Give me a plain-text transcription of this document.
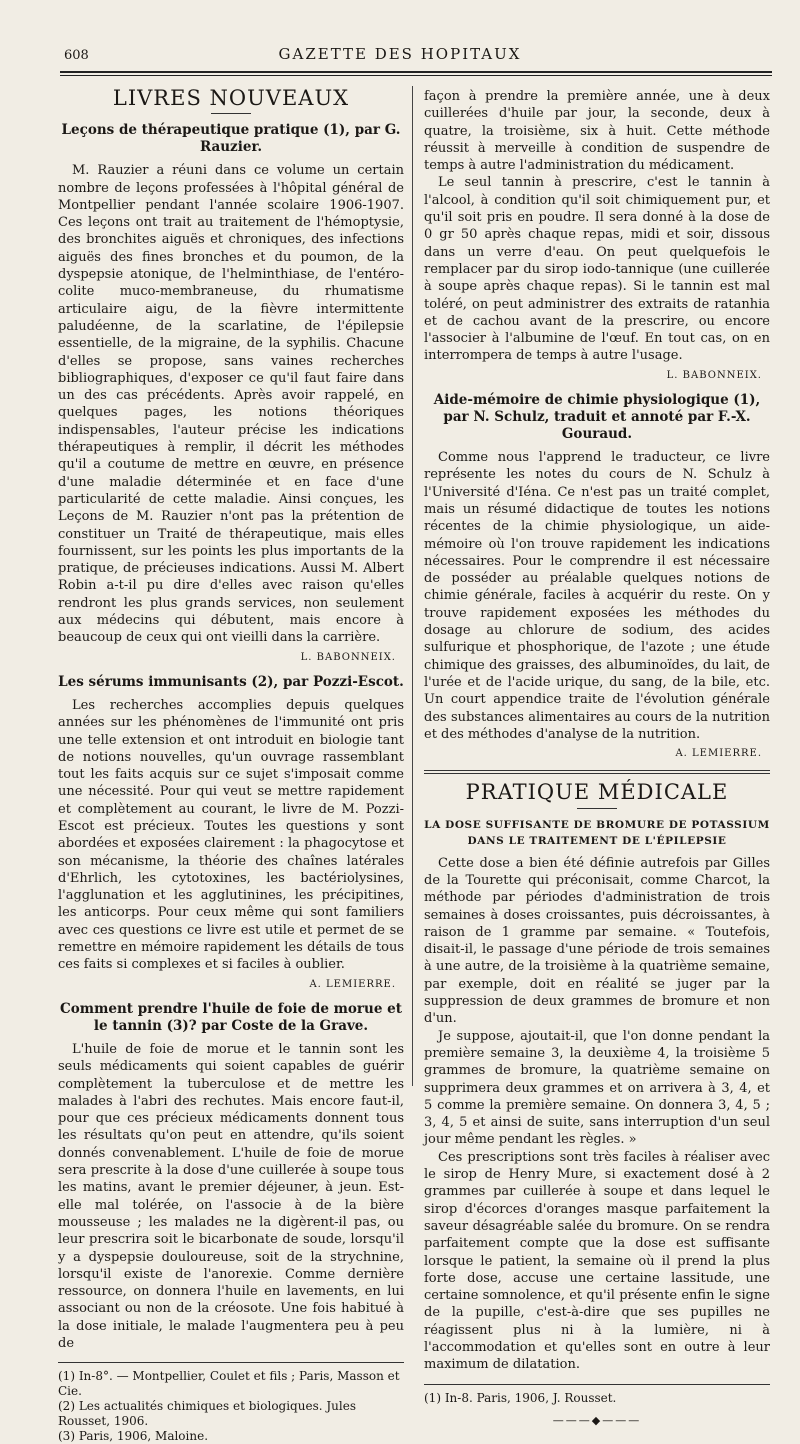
608	GAZETTE DES HOPITAUX
LIVRES NOUVEAUX
Leçons de thérapeutique pratique (1), par G. Rauzier.

M. Rauzier a réuni dans ce volume un certain nombre de leçons professées à l'hôpital général de Montpellier pendant l'année scolaire 1906-1907. Ces leçons ont trait au traitement de l'hémoptysie, des bronchites aiguës et chroniques, des infections aiguës des fines bronches et du poumon, de la dyspepsie atonique, de l'helminthiase, de l'entéro-colite muco-membraneuse, du rhumatisme articulaire aigu, de la fièvre intermittente paludéenne, de la scarlatine, de l'épilepsie essentielle, de la migraine, de la syphilis. Chacune d'elles se propose, sans vaines recherches bibliographiques, d'exposer ce qu'il faut faire dans un des cas précédents. Après avoir rappelé, en quelques pages, les notions théoriques indispensables, l'auteur précise les indications thérapeutiques à remplir, il décrit les méthodes qu'il a coutume de mettre en œuvre, en présence d'une maladie déterminée et en face d'une particularité de cette maladie. Ainsi conçues, les Leçons de M. Rauzier n'ont pas la prétention de constituer un Traité de thérapeutique, mais elles fournissent, sur les points les plus importants de la pratique, de précieuses indications. Aussi M. Albert Robin a-t-il pu dire d'elles avec raison qu'elles rendront les plus grands services, non seulement aux médecins qui débutent, mais encore à beaucoup de ceux qui ont vieilli dans la carrière.

L. BABONNEIX.
Les sérums immunisants (2), par Pozzi-Escot.

Les recherches accomplies depuis quelques années sur les phénomènes de l'immunité ont pris une telle extension et ont introduit en biologie tant de notions nouvelles, qu'un ouvrage rassemblant tout les faits acquis sur ce sujet s'imposait comme une nécessité. Pour qui veut se mettre rapidement et complètement au courant, le livre de M. Pozzi-Escot est précieux. Toutes les questions y sont abordées et exposées clairement : la phagocytose et son mécanisme, la théorie des chaînes latérales d'Ehrlich, les cytotoxines, les bactériolysines, l'agglunation et les agglutinines, les précipitines, les anticorps. Pour ceux même qui sont familiers avec ces questions ce livre est utile et permet de se remettre en mémoire rapidement les détails de tous ces faits si complexes et si faciles à oublier.

A. LEMIERRE.
Comment prendre l'huile de foie de morue et le tannin (3)? par Coste de la Grave.

L'huile de foie de morue et le tannin sont les seuls médicaments qui soient capables de guérir complètement la tuberculose et de mettre les malades à l'abri des rechutes. Mais encore faut-il, pour que ces précieux médicaments donnent tous les résultats qu'on peut en attendre, qu'ils soient donnés convenablement. L'huile de foie de morue sera prescrite à la dose d'une cuillerée à soupe tous les matins, avant le premier déjeuner, à jeun. Est-elle mal tolérée, on l'associe à de la bière mousseuse ; les malades ne la digèrent-il pas, ou leur prescrira soit le bicarbonate de soude, lorsqu'il y a dyspepsie douloureuse, soit de la strychnine, lorsqu'il existe de l'anorexie. Comme dernière ressource, on donnera l'huile en lavements, en lui associant ou non de la créosote. Une fois habitué à la dose initiale, le malade l'augmentera peu à peu de

(1) In-8°. — Montpellier, Coulet et fils ; Paris, Masson et Cie.
(2) Les actualités chimiques et biologiques. Jules Rousset, 1906.
(3) Paris, 1906, Maloine.

façon à prendre la première année, une à deux cuillerées d'huile par jour, la seconde, deux à quatre, la troisième, six à huit. Cette méthode réussit à merveille à condition de suspendre de temps à autre l'administration du médicament.

Le seul tannin à prescrire, c'est le tannin à l'alcool, à condition qu'il soit chimiquement pur, et qu'il soit pris en poudre. Il sera donné à la dose de 0 gr 50 après chaque repas, midi et soir, dissous dans un verre d'eau. On peut quelquefois le remplacer par du sirop iodo-tannique (une cuillerée à soupe après chaque repas). Si le tannin est mal toléré, on peut administrer des extraits de ratanhia et de cachou avant de la prescrire, ou encore l'associer à l'albumine de l'œuf. En tout cas, on en interrompera de temps à autre l'usage.

L. BABONNEIX.
Aide-mémoire de chimie physiologique (1), par N. Schulz, traduit et annoté par F.-X. Gouraud.

Comme nous l'apprend le traducteur, ce livre représente les notes du cours de N. Schulz à l'Université d'Iéna. Ce n'est pas un traité complet, mais un résumé didactique de toutes les notions récentes de la chimie physiologique, un aide-mémoire où l'on trouve rapidement les indications nécessaires. Pour le comprendre il est nécessaire de posséder au préalable quelques notions de chimie générale, faciles à acquérir du reste. On y trouve rapidement exposées les méthodes du dosage au chlorure de sodium, des acides sulfurique et phosphorique, de l'azote ; une étude chimique des graisses, des albuminoïdes, du lait, de l'urée et de l'acide urique, du sang, de la bile, etc. Un court appendice traite de l'évolution générale des substances alimentaires au cours de la nutrition et des méthodes d'analyse de la nutrition.

A. LEMIERRE.
PRATIQUE MÉDICALE
LA DOSE SUFFISANTE DE BROMURE DE POTASSIUM
DANS LE TRAITEMENT DE L'ÉPILEPSIE

Cette dose a bien été définie autrefois par Gilles de la Tourette qui préconisait, comme Charcot, la méthode par périodes d'administration de trois semaines à doses croissantes, puis décroissantes, à raison de 1 gramme par semaine. « Toutefois, disait-il, le passage d'une période de trois semaines à une autre, de la troisième à la quatrième semaine, par exemple, doit en réalité se juger par la suppression de deux grammes de bromure et non d'un.

Je suppose, ajoutait-il, que l'on donne pendant la première semaine 3, la deuxième 4, la troisième 5 grammes de bromure, la quatrième semaine on supprimera deux grammes et on arrivera à 3, 4, et 5 comme la première semaine. On donnera 3, 4, 5 ; 3, 4, 5 et ainsi de suite, sans interruption d'un seul jour même pendant les règles. »

Ces prescriptions sont très faciles à réaliser avec le sirop de Henry Mure, si exactement dosé à 2 grammes par cuillerée à soupe et dans lequel le sirop d'écorces d'oranges masque parfaitement la saveur désagréable salée du bromure. On se rendra parfaitement compte que la dose est suffisante lorsque le patient, la semaine où il prend la plus forte dose, accuse une certaine lassitude, une certaine somnolence, et qu'il présente enfin le signe de la pupille, c'est-à-dire que ses pupilles ne réagissent plus ni à la lumière, ni à l'accommodation et qu'elles sont en outre à leur maximum de dilatation.

(1) In-8. Paris, 1906, J. Rousset.
———◆———
